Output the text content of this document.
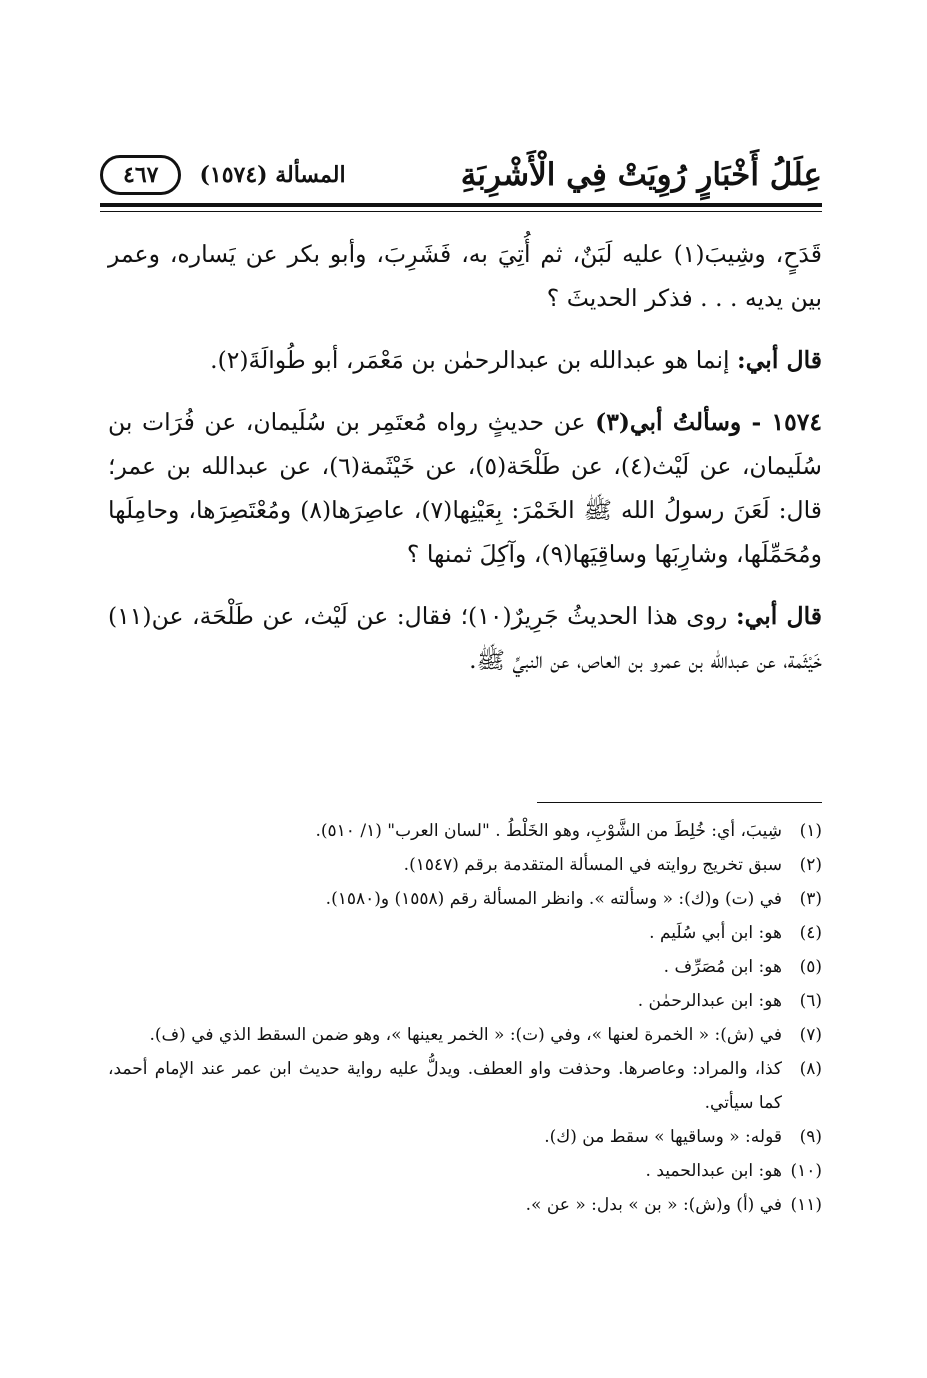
عِلَلُ أَخْبَارٍ رُوِيَتْ فِي الْأَشْرِبَةِ
المسألة (١٥٧٤)
٤٦٧

قَدَحٍ، وشِيبَ(١) عليه لَبَنٌ، ثم أُتِيَ به، فَشَرِبَ، وأبو بكر عن يَساره، وعمر بين يديه . . . فذكر الحديثَ ؟

قال أبي: إنما هو عبدالله بن عبدالرحمٰن بن مَعْمَر، أبو طُوالَةَ(٢).

١٥٧٤ - وسألتُ أبي(٣) عن حديثٍ رواه مُعتَمِر بن سُلَيمان، عن فُرَات بن سُلَيمان، عن لَيْث(٤)، عن طَلْحَة(٥)، عن خَيْثَمة(٦)، عن عبدالله بن عمر؛ قال: لَعَنَ رسولُ الله ﷺ الخَمْرَ: بِعَيْنِها(٧)، عاصِرَها(٨) ومُعْتَصِرَها، وحامِلَها ومُحَمِّلَها، وشارِبَها وساقِيَها(٩)، وآكِلَ ثمنها ؟

قال أبي: روى هذا الحديثُ جَرِيرٌ(١٠)؛ فقال: عن لَيْث، عن طَلْحَة، عن(١١) خَيْثَمة، عن عبدالله بن عمرو بن العاص، عن النبيِّ ﷺ.

(١)
شِيبَ، أي: خُلِطَ من الشَّوْبِ، وهو الخَلْطُ . "لسان العرب" (١/ ٥١٠).
(٢)
سبق تخريج روايته في المسألة المتقدمة برقم (١٥٤٧).
(٣)
في (ت) و(ك): « وسألته ». وانظر المسألة رقم (١٥٥٨) و(١٥٨٠).
(٤)
هو: ابن أبي سُلَيم .
(٥)
هو: ابن مُصَرِّف .
(٦)
هو: ابن عبدالرحمٰن .
(٧)
في (ش): « الخمرة لعنها »، وفي (ت): « الخمر يعينها »، وهو ضمن السقط الذي في (ف).
(٨)
كذا، والمراد: وعاصرها. وحذفت واو العطف. ويدلُّ عليه رواية حديث ابن عمر عند الإمام أحمد، كما سيأتي.
(٩)
قوله: « وساقيها » سقط من (ك).
(١٠)
هو: ابن عبدالحميد .
(١١)
في (أ) و(ش): « بن » بدل: « عن ».
